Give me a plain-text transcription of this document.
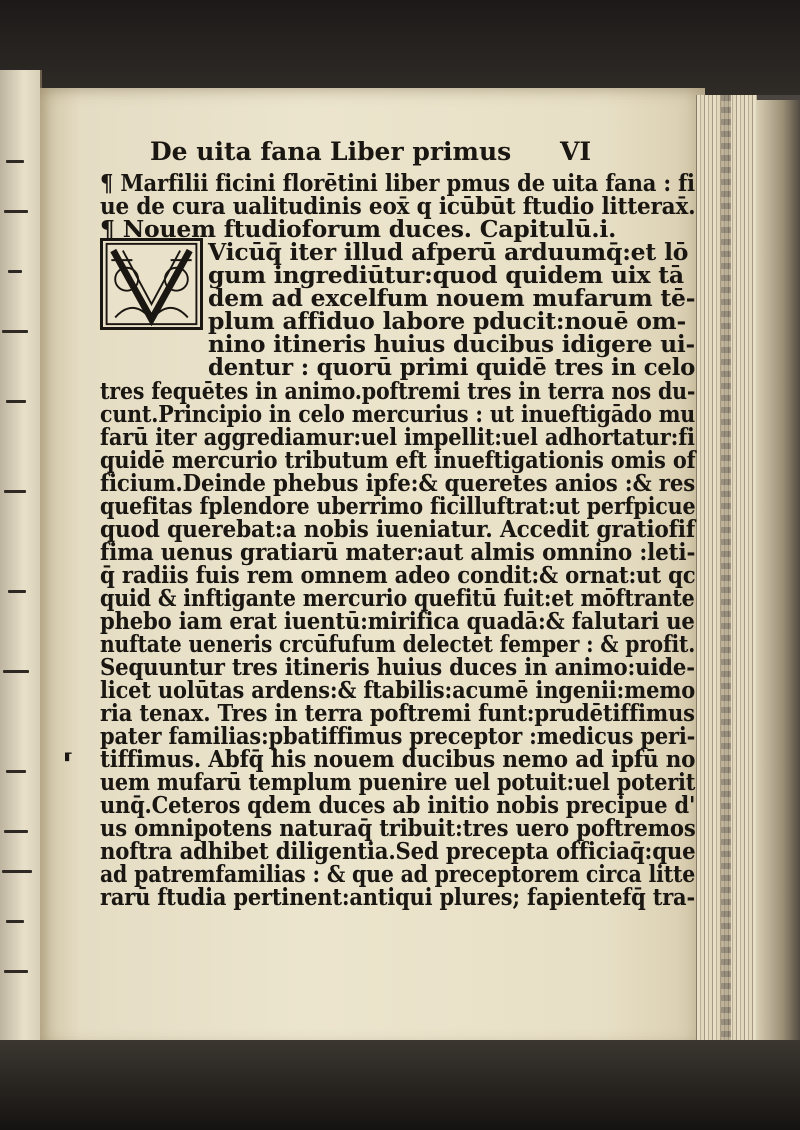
De uita fana Liber primus VI
¶ Marfilii ficini florētini liber pmus de uita fana : fi
ue de cura ualitudinis eox̄ q icūbūt ftudio litterax̄.
¶ Nouem ftudioforum duces. Capitulū.i.
Vicūq̄ iter illud afperū arduumq̄:et lō
gum ingrediūtur:quod quidem uix tā
dem ad excelfum nouem mufarum tē-
plum affiduo labore pducit:nouē om-
nino itineris huius ducibus idigere ui-
dentur : quorū primi quidē tres in celo
tres fequētes in animo.poftremi tres in terra nos du-
cunt.Principio in celo mercurius : ut inueftigādo mu
farū iter aggrediamur:uel impellit:uel adhortatur:fi
quidē mercurio tributum eft inueftigationis omis of
ficium.Deinde phebus ipfe:& queretes anios :& res
quefitas fplendore uberrimo ficilluftrat:ut perfpicue
quod querebat:a nobis iueniatur. Accedit gratiofif
fima uenus gratiarū mater:aut almis omnino :leti-
q̄ radiis fuis rem omnem adeo condit:& ornat:ut qc
quid & inftigante mercurio quefitū fuit:et mōftrante
phebo iam erat iuentū:mirifica quadā:& falutari ue
nuftate ueneris crcūfufum delectet femper : & profit.
Sequuntur tres itineris huius duces in animo:uide-
licet uolūtas ardens:& ftabilis:acumē ingenii:memo
ria tenax. Tres in terra poftremi funt:prudētiffimus
pater familias:pbatiffimus preceptor :medicus peri-
tiffimus. Abfq̄ his nouem ducibus nemo ad ipfū no
uem mufarū templum puenire uel potuit:uel poterit
unq̄.Ceteros qdem duces ab initio nobis precipue d'
us omnipotens naturaq̄ tribuit:tres uero poftremos
noftra adhibet diligentia.Sed precepta officiaq̄:que
ad patremfamilias : & que ad preceptorem circa litte
rarū ftudia pertinent:antiqui plures; fapientefq̄ tra-
⸢
